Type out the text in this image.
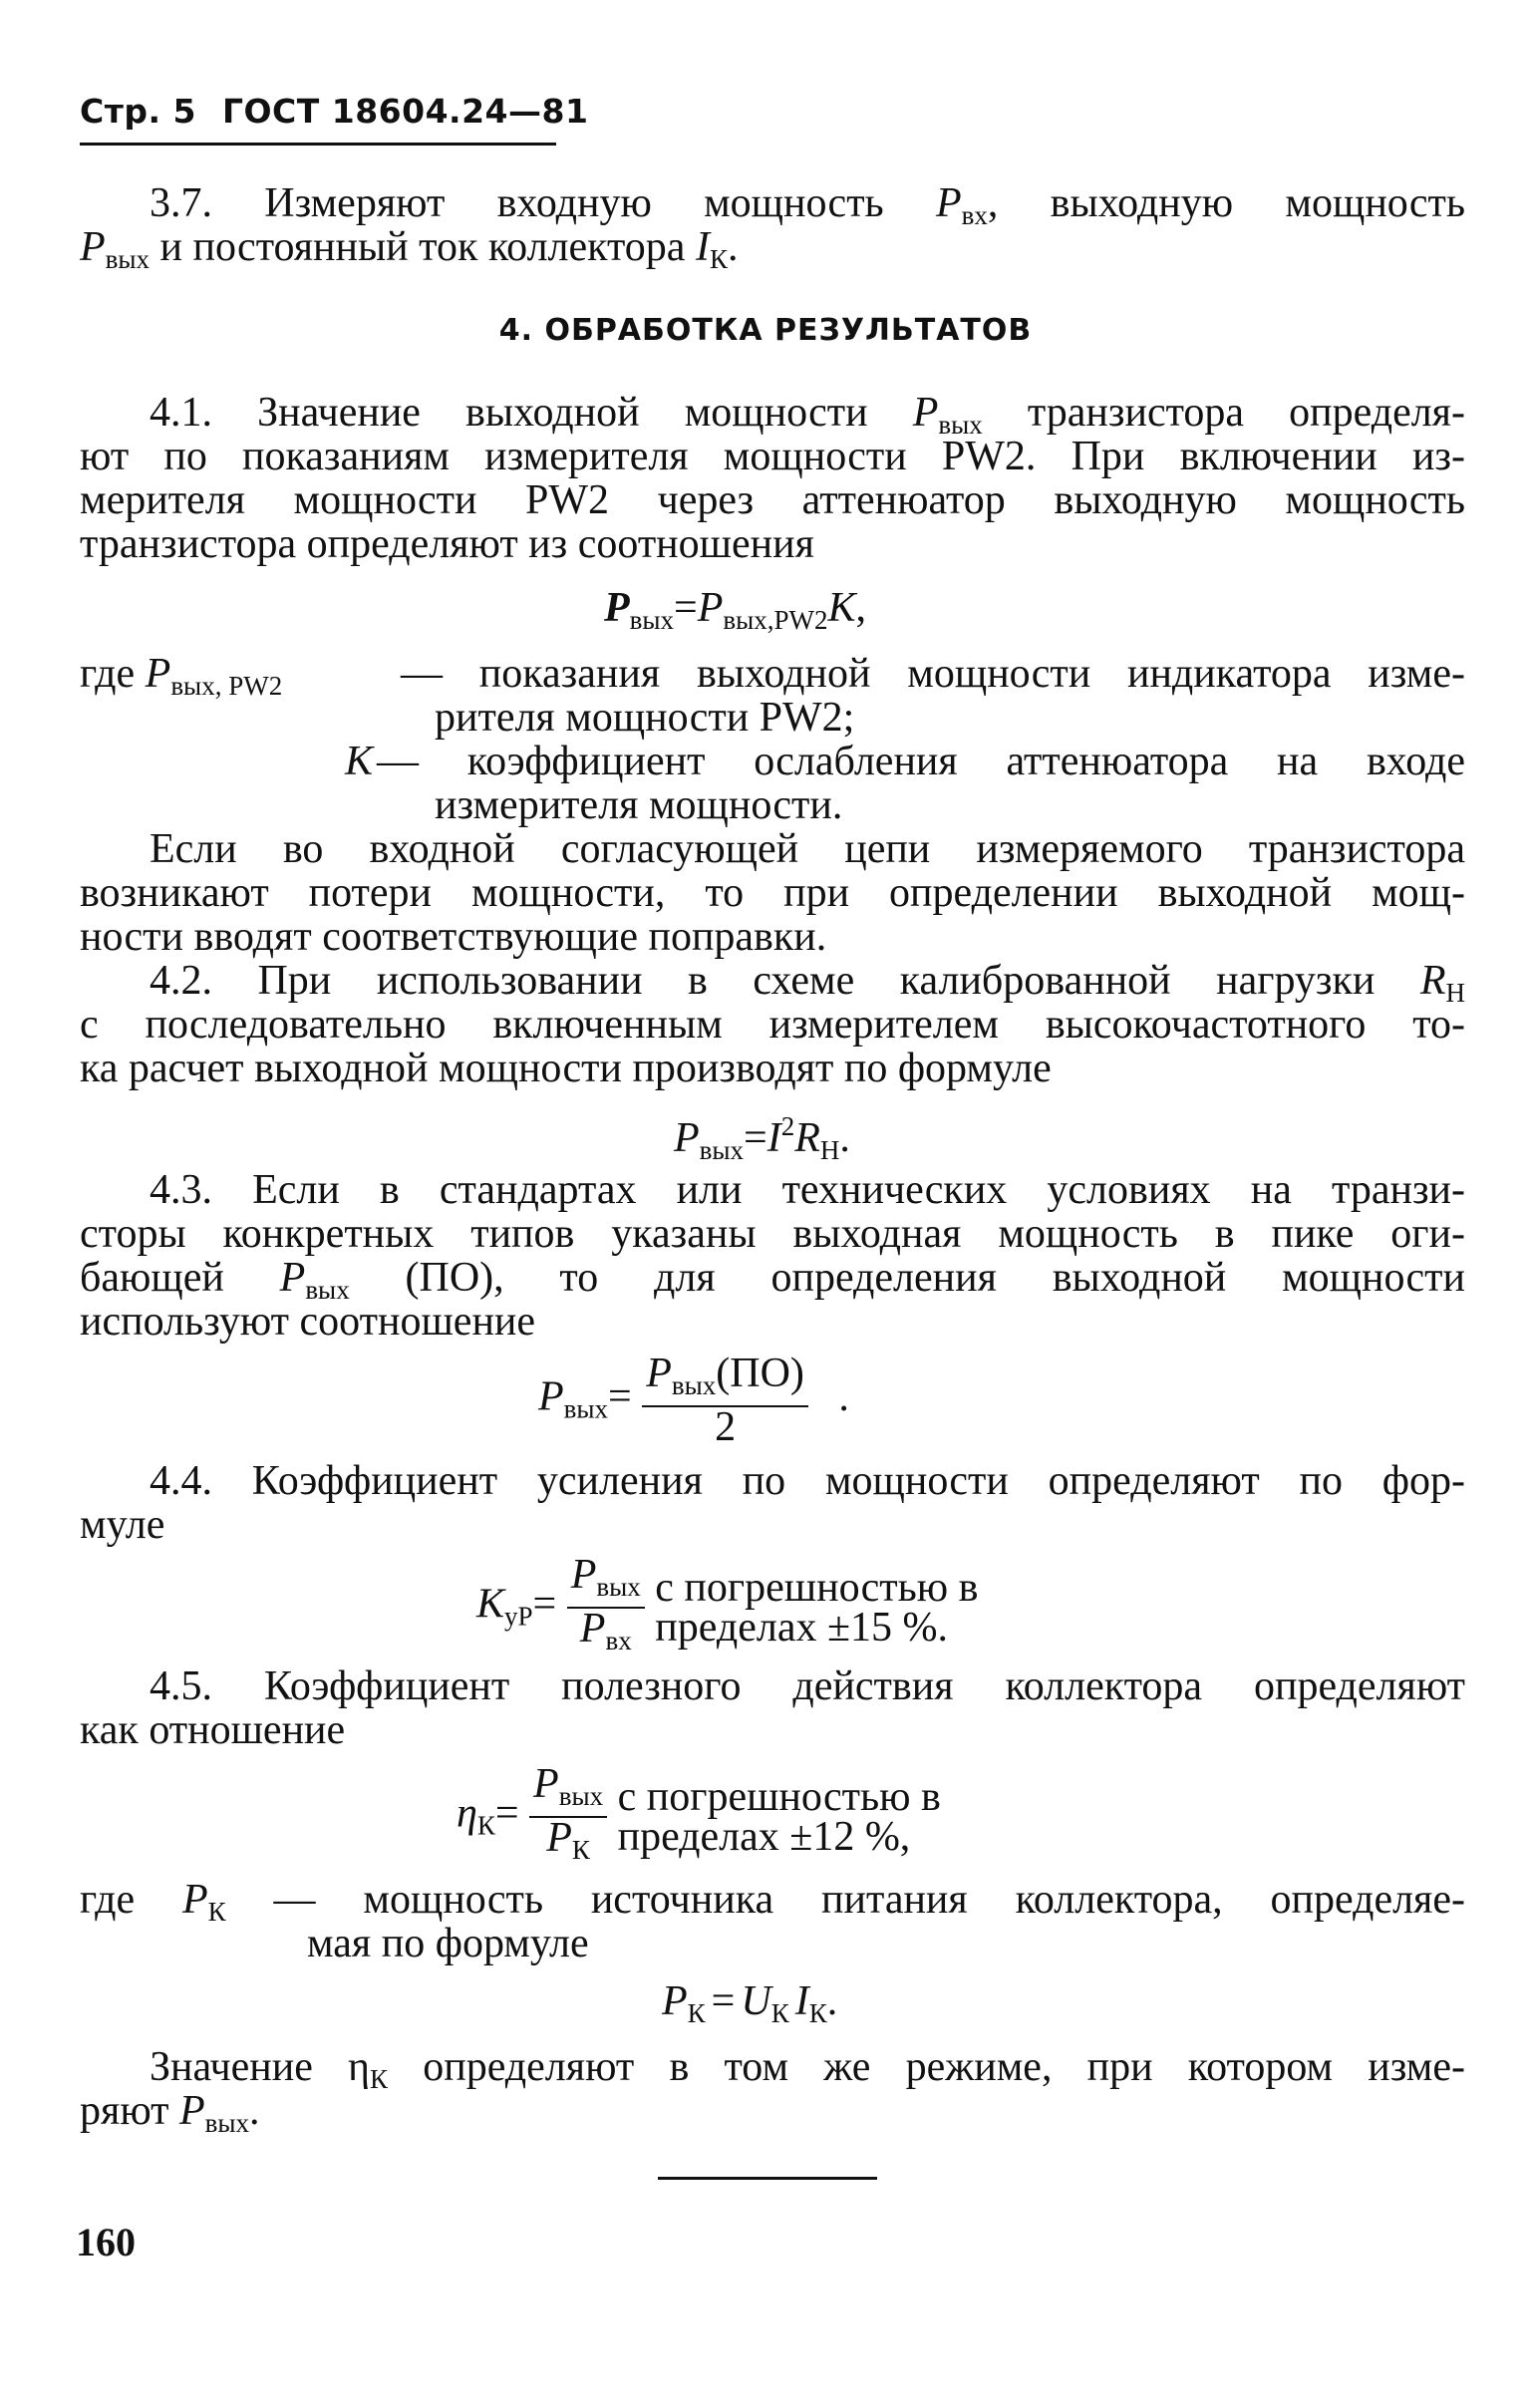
Стр. 5 ГОСТ 18604.24—81
3.7. Измеряют входную мощность $P_{вх}$, выходную мощность
$P_{вых}$ и постоянный ток коллектора $I_К$.
4. ОБРАБОТКА РЕЗУЛЬТАТОВ
4.1. Значение выходной мощности $P_{вых}$ транзистора определя-
ют по показаниям измерителя мощности PW2. При включении из-
мерителя мощности PW2 через аттенюатор выходную мощность
транзистора определяют из соотношения
$P_{вых}=P_{вых,PW2}K$,
где $P_{вых, PW2}$	— показания выходной мощности индикатора изме-
рителя мощности PW2;
K — коэффициент ослабления аттенюатора на входе
измерителя мощности.
Если во входной согласующей цепи измеряемого транзистора
возникают потери мощности, то при определении выходной мощ-
ности вводят соответствующие поправки.
4.2. При использовании в схеме калиброванной нагрузки $R_Н$
с последовательно включенным измерителем высокочастотного то-
ка расчет выходной мощности производят по формуле
$P_{вых}=I^2R_Н$.
4.3. Если в стандартах или технических условиях на транзи-
сторы конкретных типов указаны выходная мощность в пике оги-
бающей $P_{вых}$ (ПО), то для определения выходной мощности
используют соотношение
$P_{вых}= \frac{P_{вых}(ПО)}{2}$ .
4.4. Коэффициент усиления по мощности определяют по фор-
муле
$K_{уP}= \frac{P_{вых}}{P_{вх}}$
с погрешностью в
пределах ±15 %.
4.5. Коэффициент полезного действия коллектора определяют
как отношение
$\eta_К= \frac{P_{вых}}{P_К}$
с погрешностью в
пределах ±12 %,
где $P_К$ — мощность источника питания коллектора, определяе-
мая по формуле
$P_К = U_К$ $I_К$.
Значение $\eta_К$ определяют в том же режиме, при котором изме-
ряют $P_{вых}$.
160
